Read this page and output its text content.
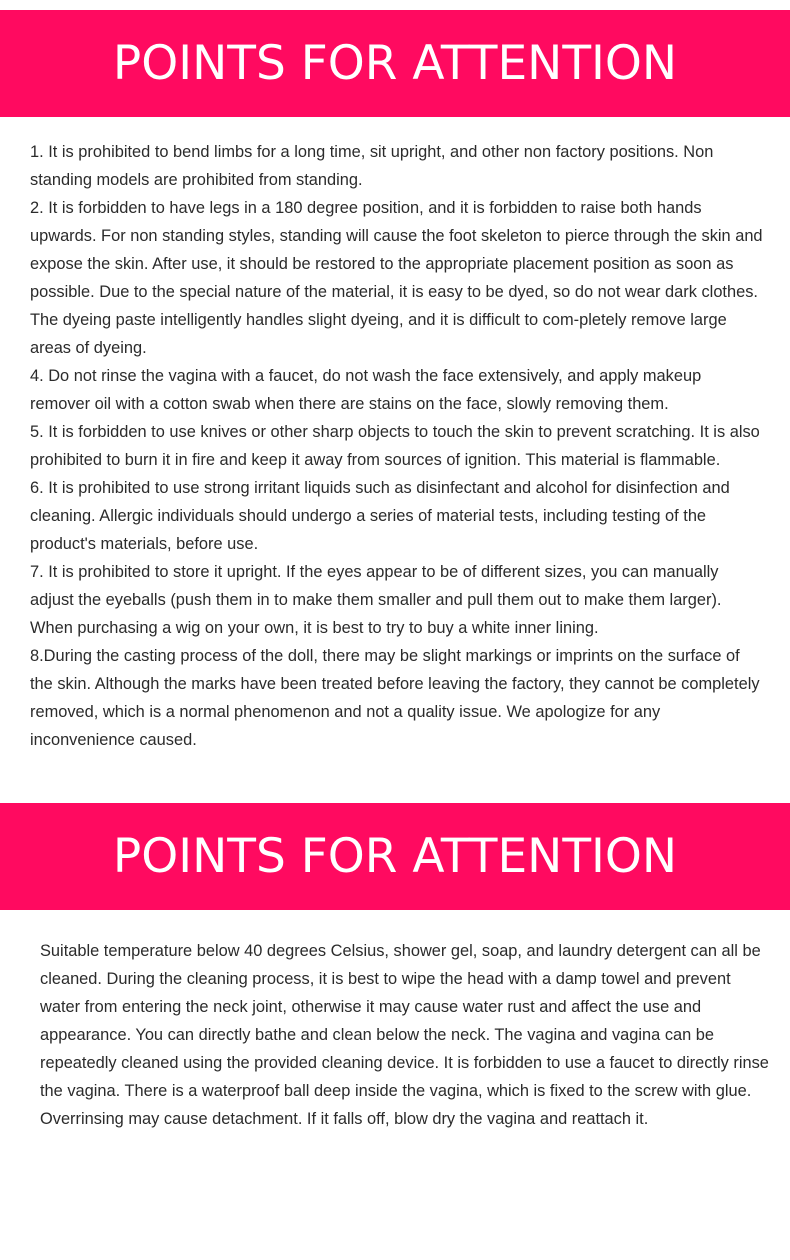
POINTS FOR ATTENTION

1. It is prohibited to bend limbs for a long time, sit upright, and other non factory positions. Non standing models are prohibited from standing.

2. It is forbidden to have legs in a 180 degree position, and it is forbidden to raise both hands upwards. For non standing styles, standing will cause the foot skeleton to pierce through the skin and expose the skin. After use, it should be restored to the appropriate placement position as soon as possible. Due to the special nature of the material, it is easy to be dyed, so do not wear dark clothes. The dyeing paste intelligently handles slight dyeing, and it is difficult to com-pletely remove large areas of dyeing.

4. Do not rinse the vagina with a faucet, do not wash the face extensively, and apply makeup remover oil with a cotton swab when there are stains on the face, slowly removing them.

5. It is forbidden to use knives or other sharp objects to touch the skin to prevent scratching. It is also prohibited to burn it in fire and keep it away from sources of ignition. This material is flammable.

6. It is prohibited to use strong irritant liquids such as disinfectant and alcohol for disinfection and cleaning. Allergic individuals should undergo a series of material tests, including testing of the product's materials, before use.

7. It is prohibited to store it upright. If the eyes appear to be of different sizes, you can manually adjust the eyeballs (push them in to make them smaller and pull them out to make them larger). When purchasing a wig on your own, it is best to try to buy a white inner lining.

8.During the casting process of the doll, there may be slight markings or imprints on the surface of the skin. Although the marks have been treated before leaving the factory, they cannot be completely removed, which is a normal phenomenon and not a quality issue. We apologize for any inconvenience caused.

POINTS FOR ATTENTION

Suitable temperature below 40 degrees Celsius, shower gel, soap, and laundry detergent can all be cleaned. During the cleaning process, it is best to wipe the head with a damp towel and prevent water from entering the neck joint, otherwise it may cause water rust and affect the use and appearance. You can directly bathe and clean below the neck. The vagina and vagina can be repeatedly cleaned using the provided cleaning device. It is forbidden to use a faucet to directly rinse the vagina. There is a waterproof ball deep inside the vagina, which is fixed to the screw with glue. Overrinsing may cause detachment. If it falls off, blow dry the vagina and reattach it.
